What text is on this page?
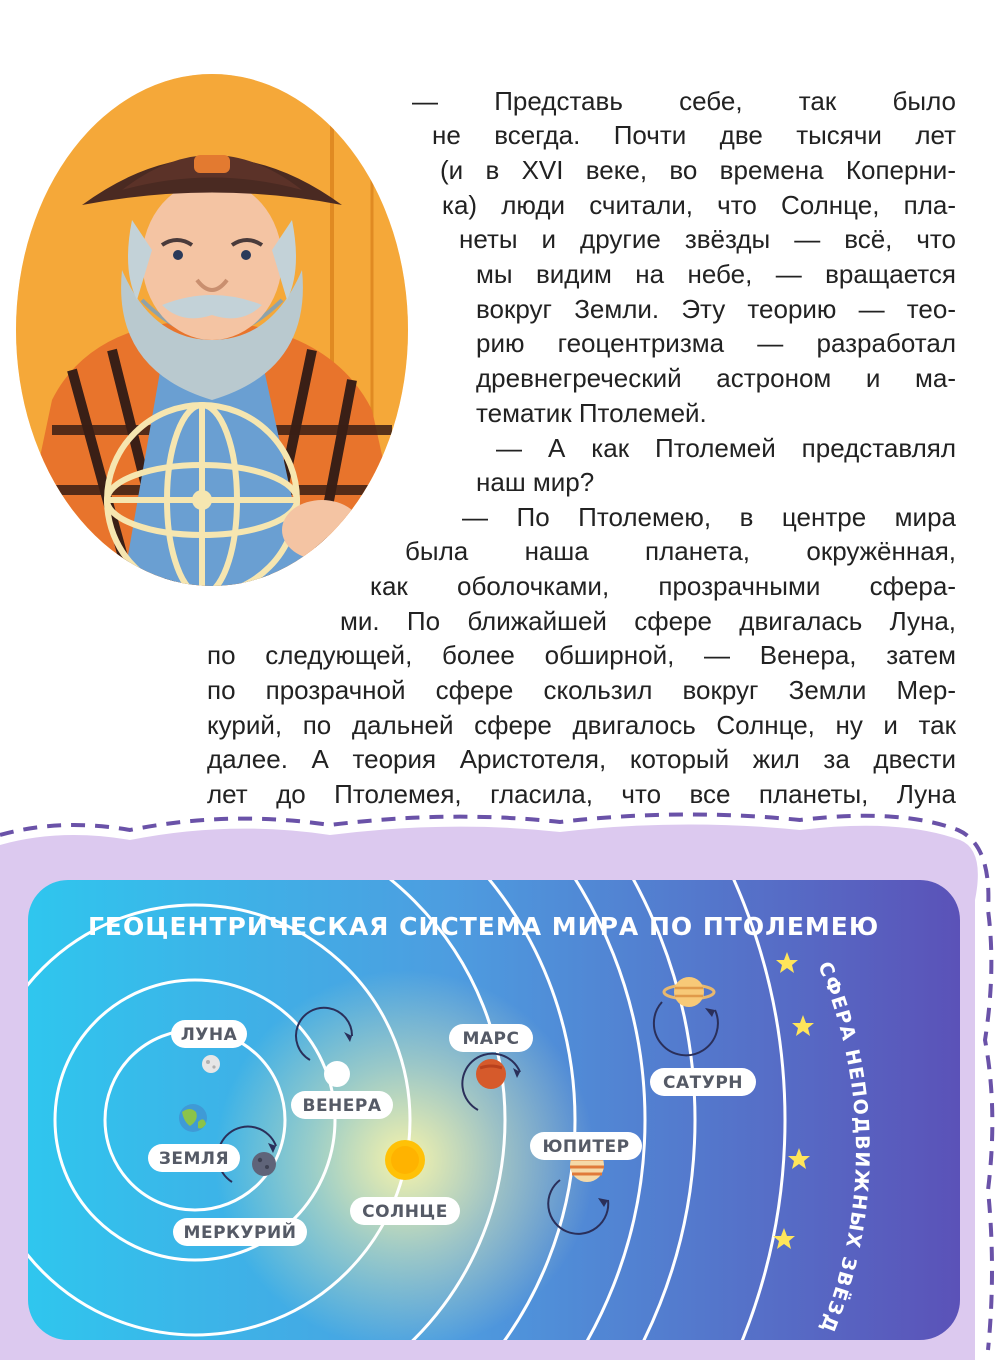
— Представь себе, так было
не всегда. Почти две тысячи лет
(и в XVI веке, во времена Коперни-
ка) люди считали, что Солнце, пла-
неты и другие звёзды — всё, что
мы видим на небе, — вращается
вокруг Земли. Эту теорию — тео-
рию геоцентризма — разработал
древнегреческий астроном и ма-
тематик Птолемей.
— А как Птолемей представлял
наш мир?
— По Птолемею, в центре мира
была наша планета, окружённая,
как оболочками, прозрачными сфера-
ми. По ближайшей сфере двигалась Луна,
по следующей, более обширной, — Венера, затем
по прозрачной сфере скользил вокруг Земли Мер-
курий, по дальней сфере двигалось Солнце, ну и так
далее. А теория Аристотеля, который жил за двести
лет до Птолемея, гласила, что все планеты, Луна
ГЕОЦЕНТРИЧЕСКАЯ СИСТЕМА МИРА ПО ПТОЛЕМЕЮ
СФЕРА НЕПОДВИЖНЫХ ЗВЁЗД
ЛУНА
ЗЕМЛЯ
ВЕНЕРА
МЕРКУРИЙ
СОЛНЦЕ
МАРС
ЮПИТЕР
САТУРН
